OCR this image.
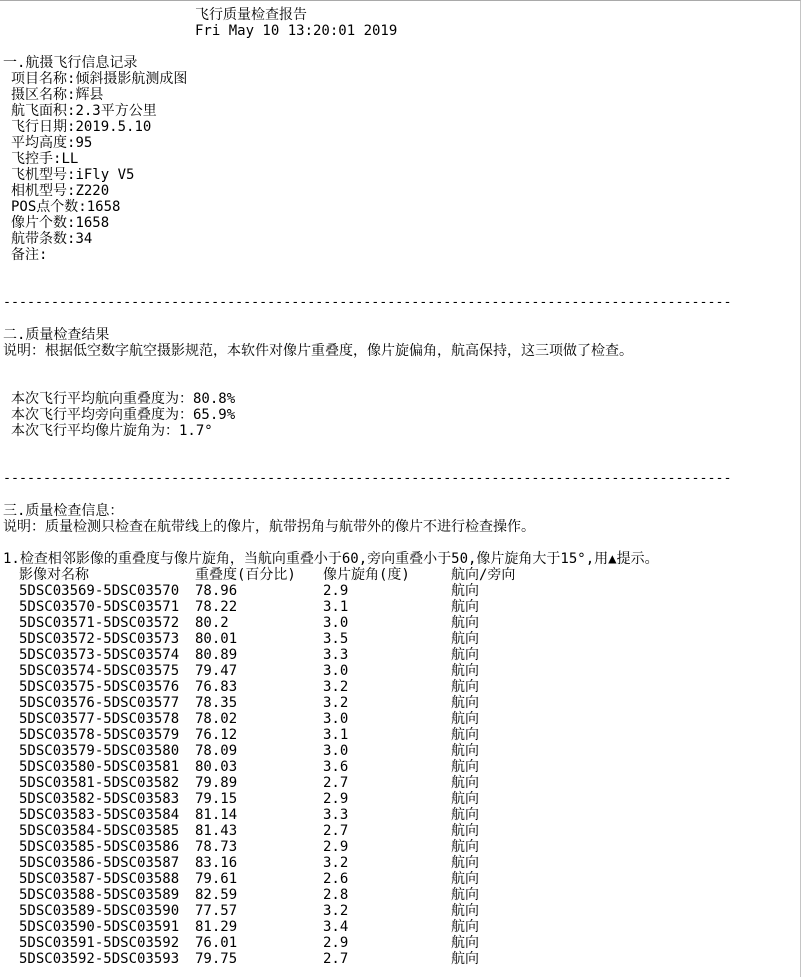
飞行质量检查报告
Fri May 10 13:20:01 2019
一.航摄飞行信息记录
项目名称:倾斜摄影航测成图
摄区名称:辉县
航飞面积:2.3平方公里
飞行日期:2019.5.10
平均高度:95
飞控手:LL
飞机型号:iFly V5
相机型号:Z220
POS点个数:1658
像片个数:1658
航带条数:34
备注:
-------------------------------------------------------------------------------------------
二.质量检查结果
说明：根据低空数字航空摄影规范，本软件对像片重叠度，像片旋偏角，航高保持，这三项做了检查。
本次飞行平均航向重叠度为：80.8%
本次飞行平均旁向重叠度为：65.9%
本次飞行平均像片旋角为：1.7°
-------------------------------------------------------------------------------------------
三.质量检查信息：
说明：质量检测只检查在航带线上的像片，航带拐角与航带外的像片不进行检查操作。
1.检查相邻影像的重叠度与像片旋角，当航向重叠小于60,旁向重叠小于50,像片旋角大于15°,用▲提示。
影像对名称	重叠度(百分比) 像片旋角(度)	航向/旁向
5DSC03569-5DSC03570 78.96	2.9	航向
5DSC03570-5DSC03571 78.22	3.1	航向
5DSC03571-5DSC03572 80.2	3.0	航向
5DSC03572-5DSC03573 80.01	3.5	航向
5DSC03573-5DSC03574 80.89	3.3	航向
5DSC03574-5DSC03575 79.47	3.0	航向
5DSC03575-5DSC03576 76.83	3.2	航向
5DSC03576-5DSC03577 78.35	3.2	航向
5DSC03577-5DSC03578 78.02	3.0	航向
5DSC03578-5DSC03579 76.12	3.1	航向
5DSC03579-5DSC03580 78.09	3.0	航向
5DSC03580-5DSC03581 80.03	3.6	航向
5DSC03581-5DSC03582 79.89	2.7	航向
5DSC03582-5DSC03583 79.15	2.9	航向
5DSC03583-5DSC03584 81.14	3.3	航向
5DSC03584-5DSC03585 81.43	2.7	航向
5DSC03585-5DSC03586 78.73	2.9	航向
5DSC03586-5DSC03587 83.16	3.2	航向
5DSC03587-5DSC03588 79.61	2.6	航向
5DSC03588-5DSC03589 82.59	2.8	航向
5DSC03589-5DSC03590 77.57	3.2	航向
5DSC03590-5DSC03591 81.29	3.4	航向
5DSC03591-5DSC03592 76.01	2.9	航向
5DSC03592-5DSC03593 79.75	2.7	航向
